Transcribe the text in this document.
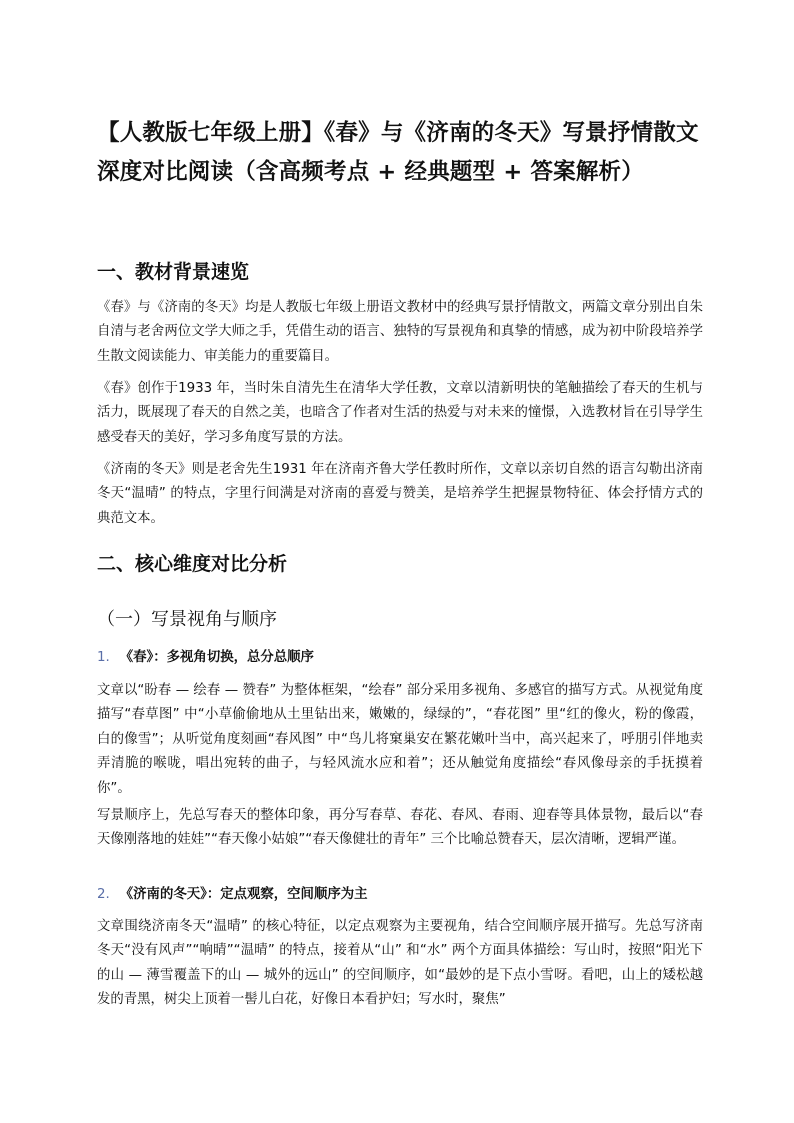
【人教版七年级上册】《春》与《济南的冬天》写景抒情散文深度对比阅读（含高频考点 + 经典题型 + 答案解析）
一、教材背景速览

《春》与《济南的冬天》均是人教版七年级上册语文教材中的经典写景抒情散文，两篇文章分别出自朱自清与老舍两位文学大师之手，凭借生动的语言、独特的写景视角和真挚的情感，成为初中阶段培养学生散文阅读能力、审美能力的重要篇目。

《春》创作于1933 年，当时朱自清先生在清华大学任教，文章以清新明快的笔触描绘了春天的生机与活力，既展现了春天的自然之美，也暗含了作者对生活的热爱与对未来的憧憬，入选教材旨在引导学生感受春天的美好，学习多角度写景的方法。

《济南的冬天》则是老舍先生1931 年在济南齐鲁大学任教时所作，文章以亲切自然的语言勾勒出济南冬天“温晴” 的特点，字里行间满是对济南的喜爱与赞美，是培养学生把握景物特征、体会抒情方式的典范文本。

二、核心维度对比分析
（一）写景视角与顺序

1. 《春》：多视角切换，总分总顺序

文章以“盼春 — 绘春 — 赞春” 为整体框架，“绘春” 部分采用多视角、多感官的描写方式。从视觉角度描写“春草图” 中“小草偷偷地从土里钻出来，嫩嫩的，绿绿的”，“春花图” 里“红的像火，粉的像霞，白的像雪”；从听觉角度刻画“春风图” 中“鸟儿将窠巢安在繁花嫩叶当中，高兴起来了，呼朋引伴地卖弄清脆的喉咙，唱出宛转的曲子，与轻风流水应和着”；还从触觉角度描绘“春风像母亲的手抚摸着你”。

写景顺序上，先总写春天的整体印象，再分写春草、春花、春风、春雨、迎春等具体景物，最后以“春天像刚落地的娃娃”“春天像小姑娘”“春天像健壮的青年” 三个比喻总赞春天，层次清晰，逻辑严谨。

2. 《济南的冬天》：定点观察，空间顺序为主

文章围绕济南冬天“温晴” 的核心特征，以定点观察为主要视角，结合空间顺序展开描写。先总写济南冬天“没有风声”“响晴”“温晴” 的特点，接着从“山” 和“水” 两个方面具体描绘：写山时，按照“阳光下的山 — 薄雪覆盖下的山 — 城外的远山” 的空间顺序，如“最妙的是下点小雪呀。看吧，山上的矮松越发的青黑，树尖上顶着一髻儿白花，好像日本看护妇；写水时，聚焦”
